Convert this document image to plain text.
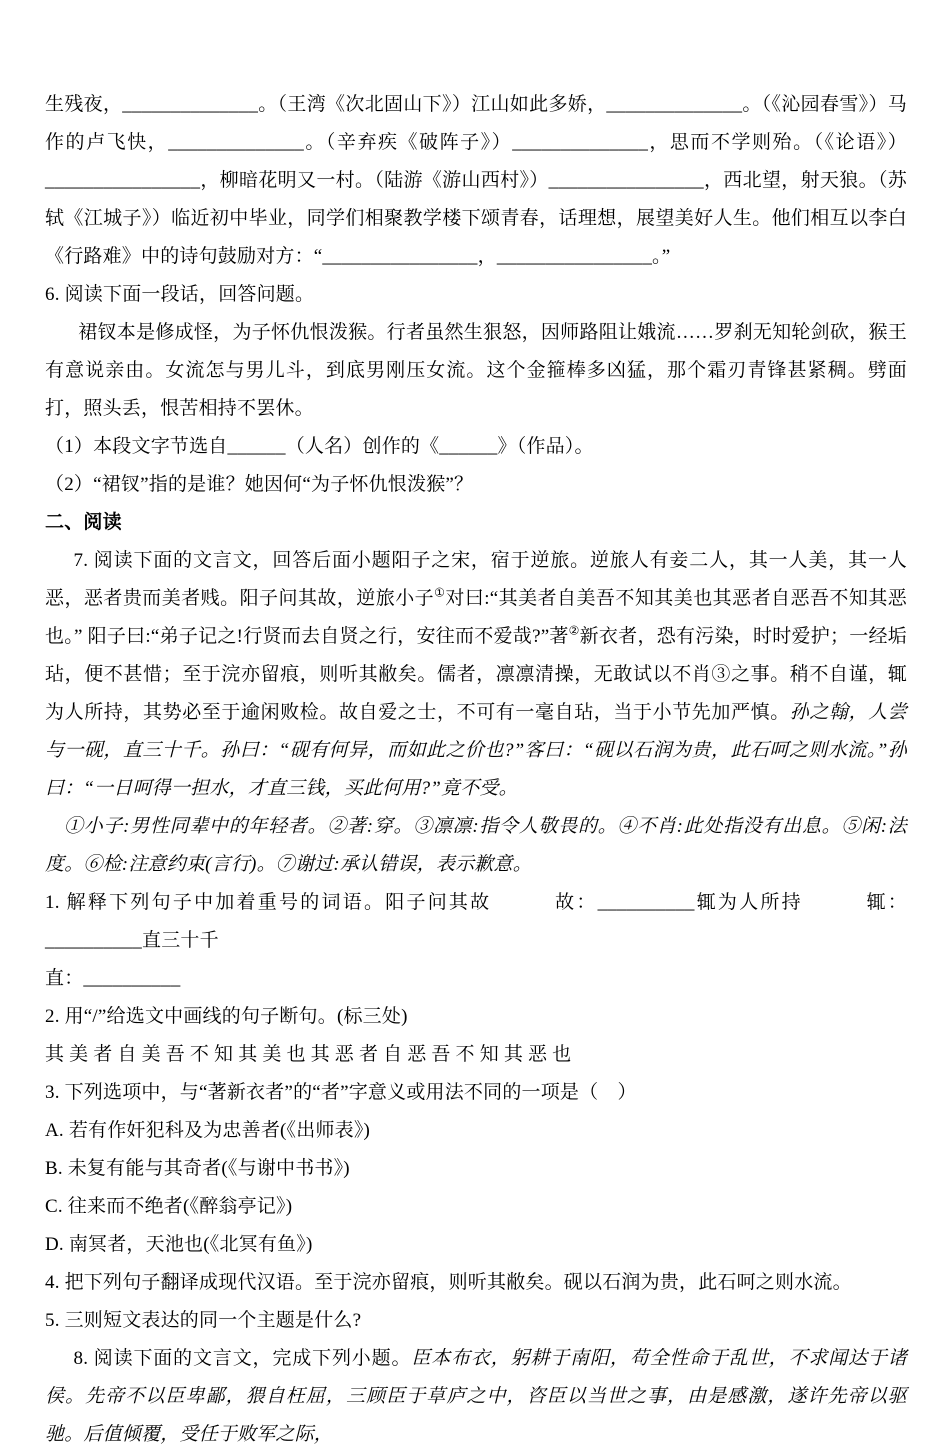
生残夜，______________。（王湾《次北固山下》）江山如此多娇，______________。（《沁园春雪》）马作的卢飞快，______________。（辛弃疾《破阵子》）______________，思而不学则殆。（《论语》）________________，柳暗花明又一村。（陆游《游山西村》）________________，西北望，射天狼。（苏轼《江城子》）临近初中毕业，同学们相聚教学楼下颂青春，话理想，展望美好人生。他们相互以李白《行路难》中的诗句鼓励对方：“________________，________________。”

6. 阅读下面一段话，回答问题。

裙钗本是修成怪，为子怀仇恨泼猴。行者虽然生狠怒，因师路阻让娥流……罗刹无知轮剑砍，猴王有意说亲由。女流怎与男儿斗，到底男刚压女流。这个金箍棒多凶猛，那个霜刃青锋甚紧稠。劈面打，照头丢，恨苦相持不罢休。

（1）本段文字节选自______（人名）创作的《______》（作品）。

（2）“裙钗”指的是谁？她因何“为子怀仇恨泼猴”？

二、阅读

7. 阅读下面的文言文，回答后面小题阳子之宋，宿于逆旅。逆旅人有妾二人，其一人美，其一人恶，恶者贵而美者贱。阳子问其故，逆旅小子①对曰:“其美者自美吾不知其美也其恶者自恶吾不知其恶也。” 阳子曰:“弟子记之!行贤而去自贤之行，安往而不爱哉?”著②新衣者，恐有污染，时时爱护；一经垢玷，便不甚惜；至于浣亦留痕，则听其敝矣。儒者，凛凛清操，无敢试以不肖③之事。稍不自谨，辄为人所持，其势必至于逾闲败检。故自爱之士，不可有一毫自玷，当于小节先加严慎。孙之翰，人尝与一砚，直三十千。孙曰：“砚有何异，而如此之价也?”客曰：“砚以石润为贵，此石呵之则水流。”孙曰：“一日呵得一担水，才直三钱，买此何用?”竟不受。

①小子:男性同辈中的年轻者。②著:穿。③凛凛:指令人敬畏的。④不肖:此处指没有出息。⑤闲:法度。⑥检:注意约束(言行)。⑦谢过:承认错误，表示歉意。

1. 解释下列句子中加着重号的词语。阳子问其故　　　故：__________辄为人所持　　　辄：__________直三十千

直：__________

2. 用“/”给选文中画线的句子断句。(标三处)

其 美 者 自 美 吾 不 知 其 美 也 其 恶 者 自 恶 吾 不 知 其 恶 也

3. 下列选项中，与“著新衣者”的“者”字意义或用法不同的一项是（　）

A. 若有作奸犯科及为忠善者(《出师表》)

B. 未复有能与其奇者(《与谢中书书》)

C. 往来而不绝者(《醉翁亭记》)

D. 南冥者，天池也(《北冥有鱼》)

4. 把下列句子翻译成现代汉语。至于浣亦留痕，则听其敝矣。砚以石润为贵，此石呵之则水流。

5. 三则短文表达的同一个主题是什么?

8. 阅读下面的文言文，完成下列小题。臣本布衣，躬耕于南阳，苟全性命于乱世，不求闻达于诸侯。先帝不以臣卑鄙，猥自枉屈，三顾臣于草庐之中，咨臣以当世之事，由是感激，遂许先帝以驱驰。后值倾覆，受任于败军之际，
